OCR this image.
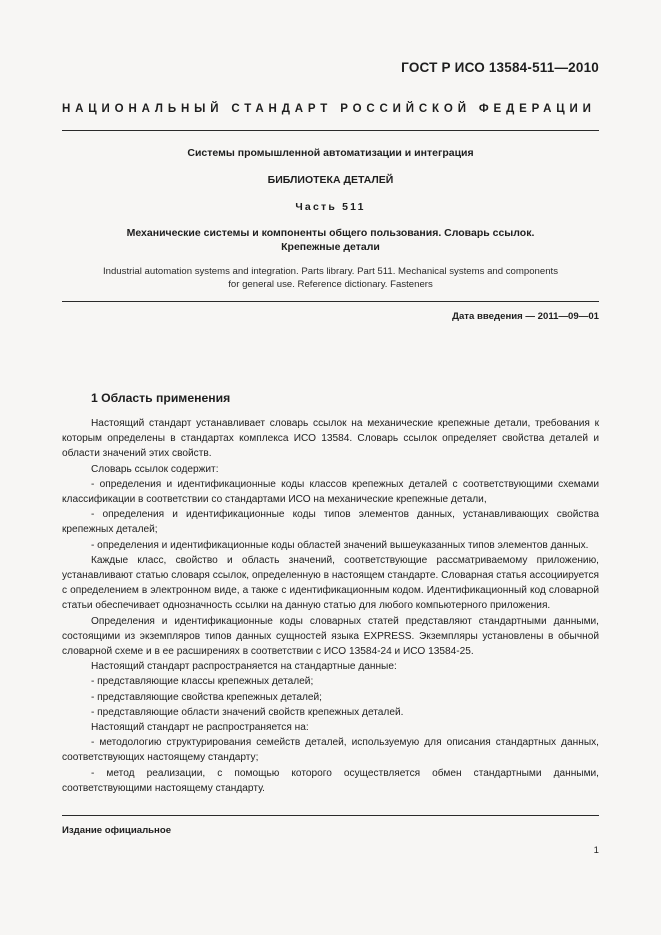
ГОСТ Р ИСО 13584-511—2010
НАЦИОНАЛЬНЫЙ СТАНДАРТ РОССИЙСКОЙ ФЕДЕРАЦИИ
Системы промышленной автоматизации и интеграция
БИБЛИОТЕКА ДЕТАЛЕЙ
Часть 511
Механические системы и компоненты общего пользования. Словарь ссылок.
Крепежные детали
Industrial automation systems and integration. Parts library. Part 511. Mechanical systems and components
for general use. Reference dictionary. Fasteners
Дата введения — 2011—09—01
1 Область применения

Настоящий стандарт устанавливает словарь ссылок на механические крепежные детали, требования к которым определены в стандартах комплекса ИСО 13584. Словарь ссылок определяет свойства деталей и области значений этих свойств.

Словарь ссылок содержит:

- определения и идентификационные коды классов крепежных деталей с соответствующими схемами классификации в соответствии со стандартами ИСО на механические крепежные детали,

- определения и идентификационные коды типов элементов данных, устанавливающих свойства крепежных деталей;

- определения и идентификационные коды областей значений вышеуказанных типов элементов данных.

Каждые класс, свойство и область значений, соответствующие рассматриваемому приложению, устанавливают статью словаря ссылок, определенную в настоящем стандарте. Словарная статья ассоциируется с определением в электронном виде, а также с идентификационным кодом. Идентификационный код словарной статьи обеспечивает однозначность ссылки на данную статью для любого компьютерного приложения.

Определения и идентификационные коды словарных статей представляют стандартными данными, состоящими из экземпляров типов данных сущностей языка EXPRESS. Экземпляры установлены в обычной словарной схеме и в ее расширениях в соответствии с ИСО 13584-24 и ИСО 13584-25.

Настоящий стандарт распространяется на стандартные данные:

- представляющие классы крепежных деталей;

- представляющие свойства крепежных деталей;

- представляющие области значений свойств крепежных деталей.

Настоящий стандарт не распространяется на:

- методологию структурирования семейств деталей, используемую для описания стандартных данных, соответствующих настоящему стандарту;

- метод реализации, с помощью которого осуществляется обмен стандартными данными, соответствующими настоящему стандарту.

Издание официальное
1
